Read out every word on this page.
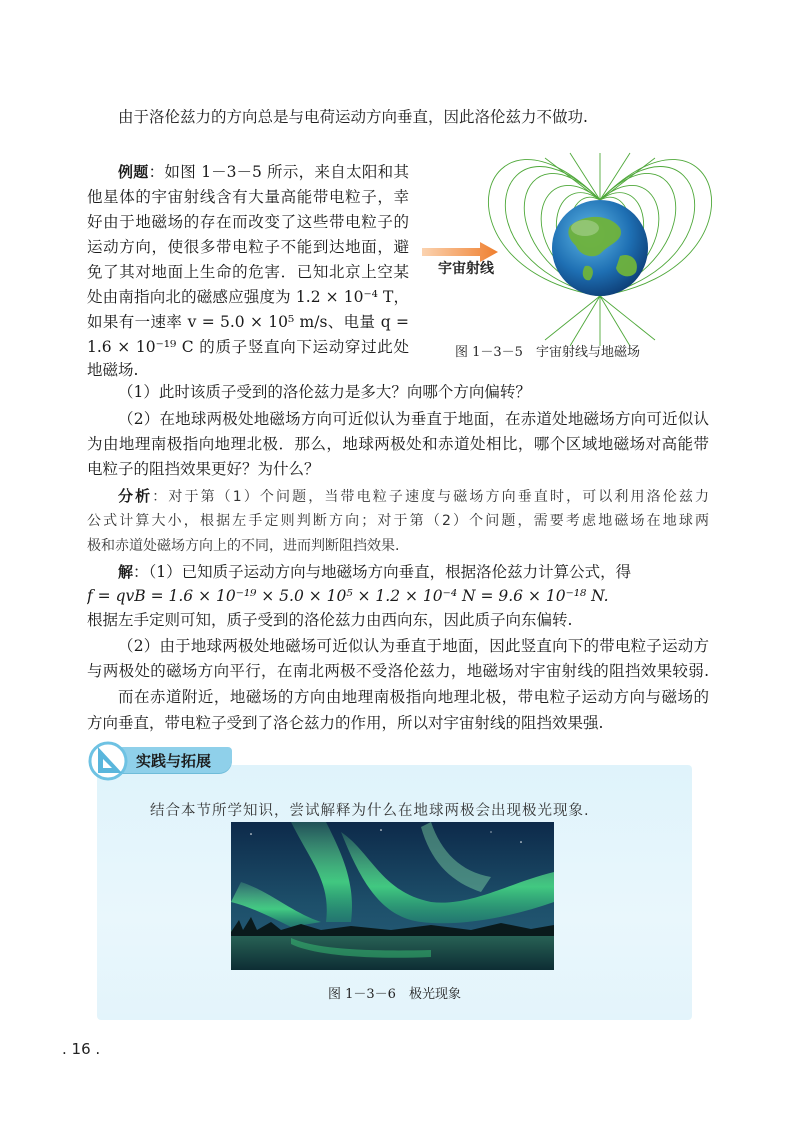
由于洛伦兹力的方向总是与电荷运动方向垂直，因此洛伦兹力不做功.
例题：如图 1－3－5 所示，来自太阳和其
他星体的宇宙射线含有大量高能带电粒子，幸
好由于地磁场的存在而改变了这些带电粒子的
运动方向，使很多带电粒子不能到达地面，避
免了其对地面上生命的危害．已知北京上空某
处由南指向北的磁感应强度为 1.2 × 10⁻⁴ T，
如果有一速率 v = 5.0 × 10⁵ m/s、电量 q =
1.6 × 10⁻¹⁹ C 的质子竖直向下运动穿过此处
地磁场.
宇宙射线
图 1－3－5　宇宙射线与地磁场
（1）此时该质子受到的洛伦兹力是多大？向哪个方向偏转？
（2）在地球两极处地磁场方向可近似认为垂直于地面，在赤道处地磁场方向可近似认
为由地理南极指向地理北极．那么，地球两极处和赤道处相比，哪个区域地磁场对高能带
电粒子的阻挡效果更好？为什么？
分析：对于第（1）个问题，当带电粒子速度与磁场方向垂直时，可以利用洛伦兹力
公式计算大小，根据左手定则判断方向；对于第（2）个问题，需要考虑地磁场在地球两
极和赤道处磁场方向上的不同，进而判断阻挡效果.
解：（1）已知质子运动方向与地磁场方向垂直，根据洛伦兹力计算公式，得
f = qvB = 1.6 × 10⁻¹⁹ × 5.0 × 10⁵ × 1.2 × 10⁻⁴ N = 9.6 × 10⁻¹⁸ N.
根据左手定则可知，质子受到的洛伦兹力由西向东，因此质子向东偏转.
（2）由于地球两极处地磁场可近似认为垂直于地面，因此竖直向下的带电粒子运动方
与两极处的磁场方向平行，在南北两极不受洛伦兹力，地磁场对宇宙射线的阻挡效果较弱.
而在赤道附近，地磁场的方向由地理南极指向地理北极，带电粒子运动方向与磁场的
方向垂直，带电粒子受到了洛仑兹力的作用，所以对宇宙射线的阻挡效果强.
实践与拓展
结合本节所学知识，尝试解释为什么在地球两极会出现极光现象.
图 1－3－6　极光现象
. 16 .
